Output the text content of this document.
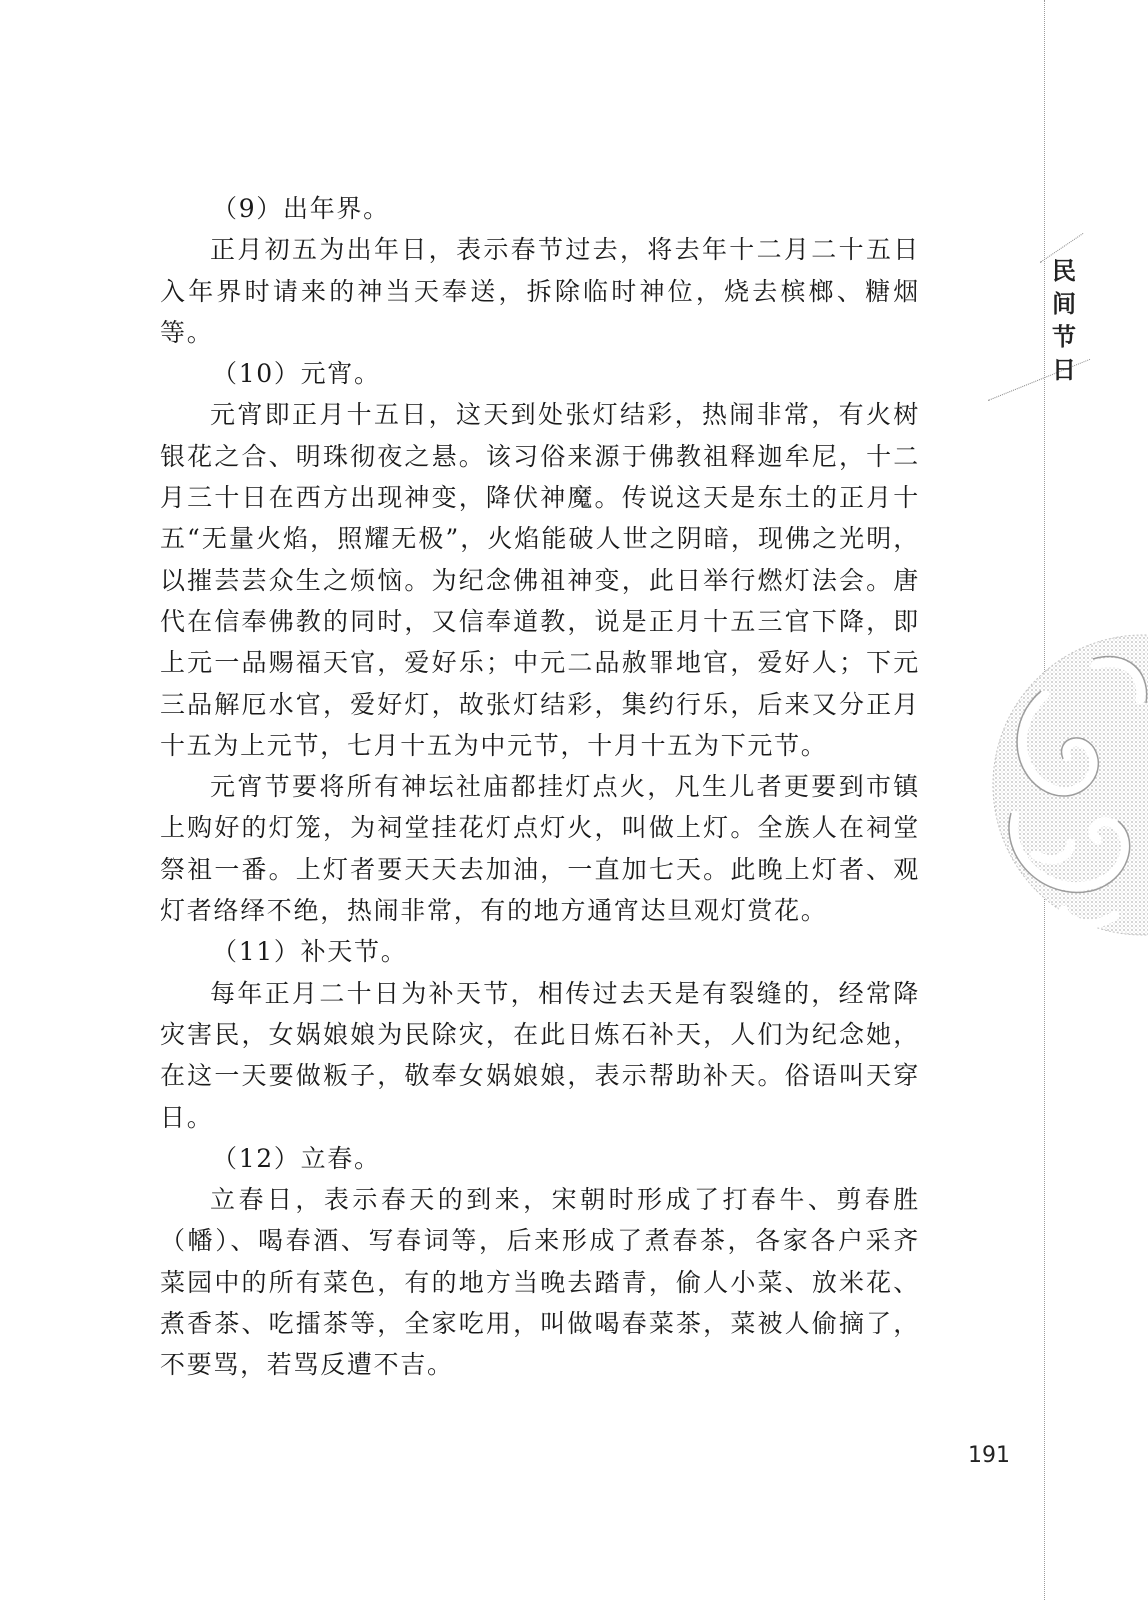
民
间
节
日

（9）出年界。

正月初五为出年日，表示春节过去，将去年十二月二十五日入年界时请来的神当天奉送，拆除临时神位，烧去槟榔、糖烟等。

（10）元宵。

元宵即正月十五日，这天到处张灯结彩，热闹非常，有火树银花之合、明珠彻夜之悬。该习俗来源于佛教祖释迦牟尼，十二月三十日在西方出现神变，降伏神魔。传说这天是东土的正月十五“无量火焰，照耀无极”，火焰能破人世之阴暗，现佛之光明，以摧芸芸众生之烦恼。为纪念佛祖神变，此日举行燃灯法会。唐代在信奉佛教的同时，又信奉道教，说是正月十五三官下降，即上元一品赐福天官，爱好乐；中元二品赦罪地官，爱好人；下元三品解厄水官，爱好灯，故张灯结彩，集约行乐，后来又分正月十五为上元节，七月十五为中元节，十月十五为下元节。

元宵节要将所有神坛社庙都挂灯点火，凡生儿者更要到市镇上购好的灯笼，为祠堂挂花灯点灯火，叫做上灯。全族人在祠堂祭祖一番。上灯者要天天去加油，一直加七天。此晚上灯者、观灯者络绎不绝，热闹非常，有的地方通宵达旦观灯赏花。

（11）补天节。

每年正月二十日为补天节，相传过去天是有裂缝的，经常降灾害民，女娲娘娘为民除灾，在此日炼石补天，人们为纪念她，在这一天要做粄子，敬奉女娲娘娘，表示帮助补天。俗语叫天穿日。

（12）立春。

立春日，表示春天的到来，宋朝时形成了打春牛、剪春胜（幡）、喝春酒、写春词等，后来形成了煮春茶，各家各户采齐菜园中的所有菜色，有的地方当晚去踏青，偷人小菜、放米花、煮香茶、吃擂茶等，全家吃用，叫做喝春菜茶，菜被人偷摘了，不要骂，若骂反遭不吉。

191
